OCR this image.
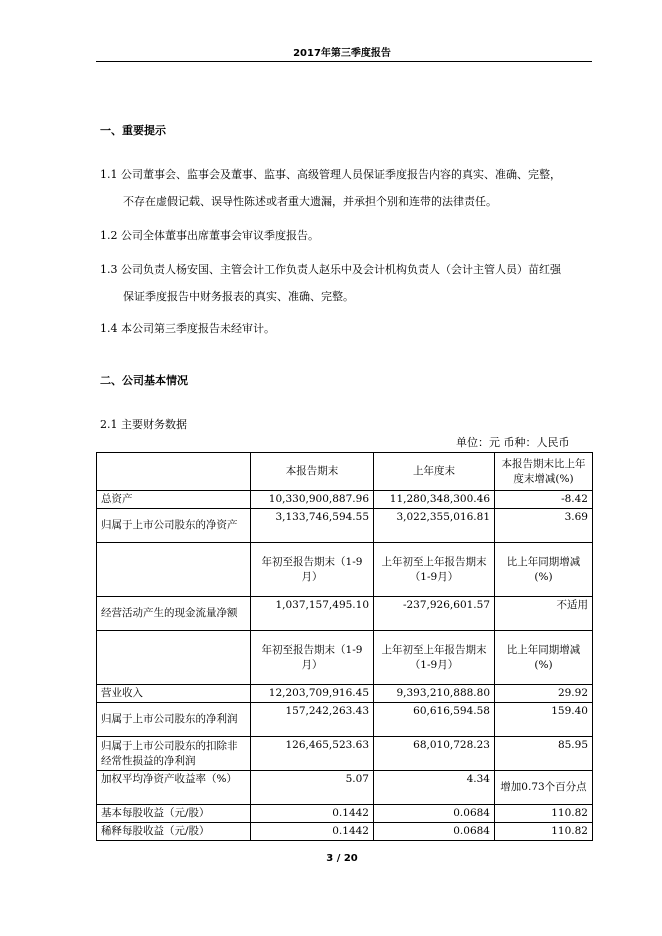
2017年第三季度报告
一、重要提示
1.1 公司董事会、监事会及董事、监事、高级管理人员保证季度报告内容的真实、准确、完整，
不存在虚假记载、误导性陈述或者重大遗漏，并承担个别和连带的法律责任。
1.2 公司全体董事出席董事会审议季度报告。
1.3 公司负责人杨安国、主管会计工作负责人赵乐中及会计机构负责人（会计主管人员）苗红强
保证季度报告中财务报表的真实、准确、完整。
1.4 本公司第三季度报告未经审计。
二、公司基本情况
2.1 主要财务数据
单位：元 币种：人民币
	本报告期末	上年度末	本报告期末比上年度末增减(%)
总资产	10,330,900,887.96	11,280,348,300.46	-8.42
归属于上市公司股东的净资产	3,133,746,594.55	3,022,355,016.81	3.69
	年初至报告期末（1-9月）	上年初至上年报告期末（1-9月）	比上年同期增减(%)
经营活动产生的现金流量净额	1,037,157,495.10	-237,926,601.57	不适用
	年初至报告期末（1-9月）	上年初至上年报告期末（1-9月）	比上年同期增减(%)
营业收入	12,203,709,916.45	9,393,210,888.80	29.92
归属于上市公司股东的净利润	157,242,263.43	60,616,594.58	159.40
归属于上市公司股东的扣除非经常性损益的净利润	126,465,523.63	68,010,728.23	85.95
加权平均净资产收益率（%）	5.07	4.34	增加0.73个百分点
基本每股收益（元/股）	0.1442	0.0684	110.82
稀释每股收益（元/股）	0.1442	0.0684	110.82
3 / 20
